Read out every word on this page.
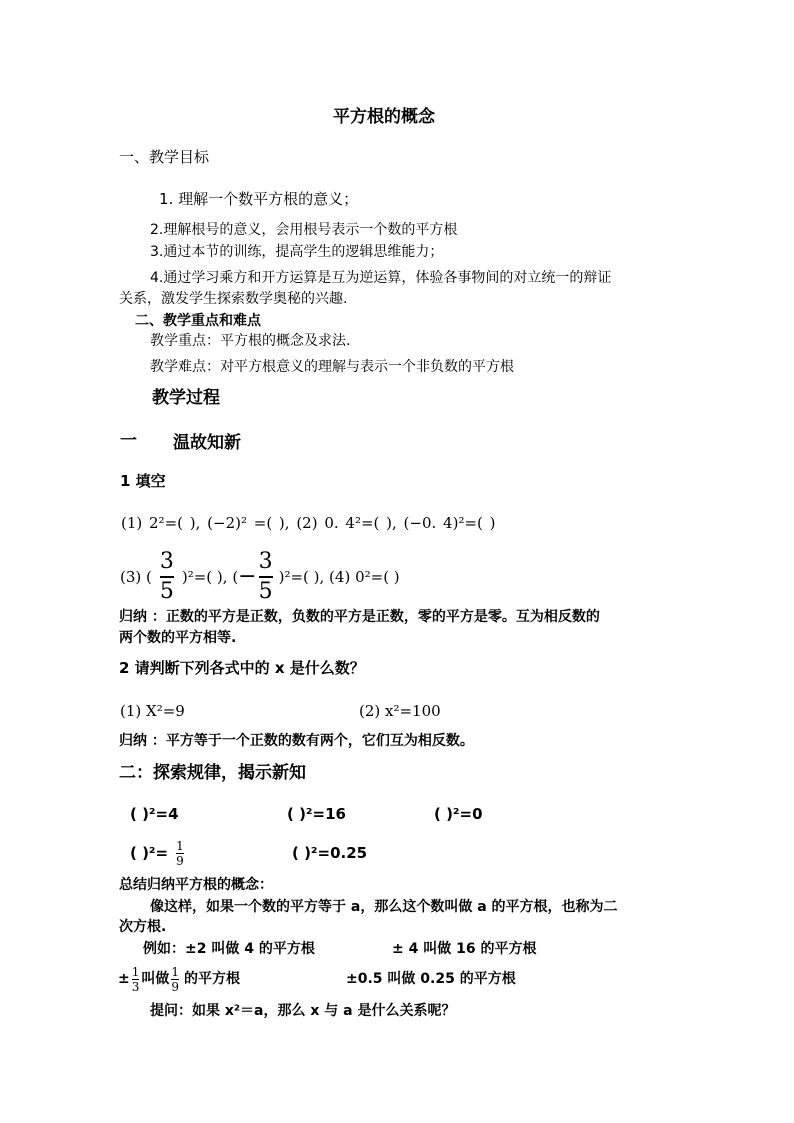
平方根的概念
一、教学目标
1. 理解一个数平方根的意义；
2.理解根号的意义，会用根号表示一个数的平方根
3.通过本节的训练，提高学生的逻辑思维能力；
4.通过学习乘方和开方运算是互为逆运算，体验各事物间的对立统一的辩证
关系，激发学生探索数学奥秘的兴趣.
二、教学重点和难点
教学重点：平方根的概念及求法.
教学难点：对平方根意义的理解与表示一个非负数的平方根
教学过程
一 温故知新
1 填空
(1) 2²=( ), (−2)² =( ), (2) 0. 4²=( ), (−0. 4)²=( )
(3) ( $\frac{3}{5} )^2=$( ), ( − $\frac{3}{5} )^2=$( ), (4) 0²=( )
归纳 ：正数的平方是正数，负数的平方是正数，零的平方是零。互为相反数的
两个数的平方相等.
2 请判断下列各式中的 x 是什么数？
(1) X²=9	(2) x²=100
归纳 ：平方等于一个正数的数有两个，它们互为相反数。
二：探索规律，揭示新知
( )²=4	( )²=16	( )²=0
( )$^2= \frac{1}{9}$	( )²=0.25
总结归纳平方根的概念：
像这样，如果一个数的平方等于 a，那么这个数叫做 a 的平方根，也称为二
次方根.
例如：±2 叫做 4 的平方根	± 4 叫做 16 的平方根
± $\frac{1}{3}$ 叫做 $\frac{1}{9}$ 的平方根	±0.5 叫做 0.25 的平方根
提问：如果 x²＝a，那么 x 与 a 是什么关系呢？
